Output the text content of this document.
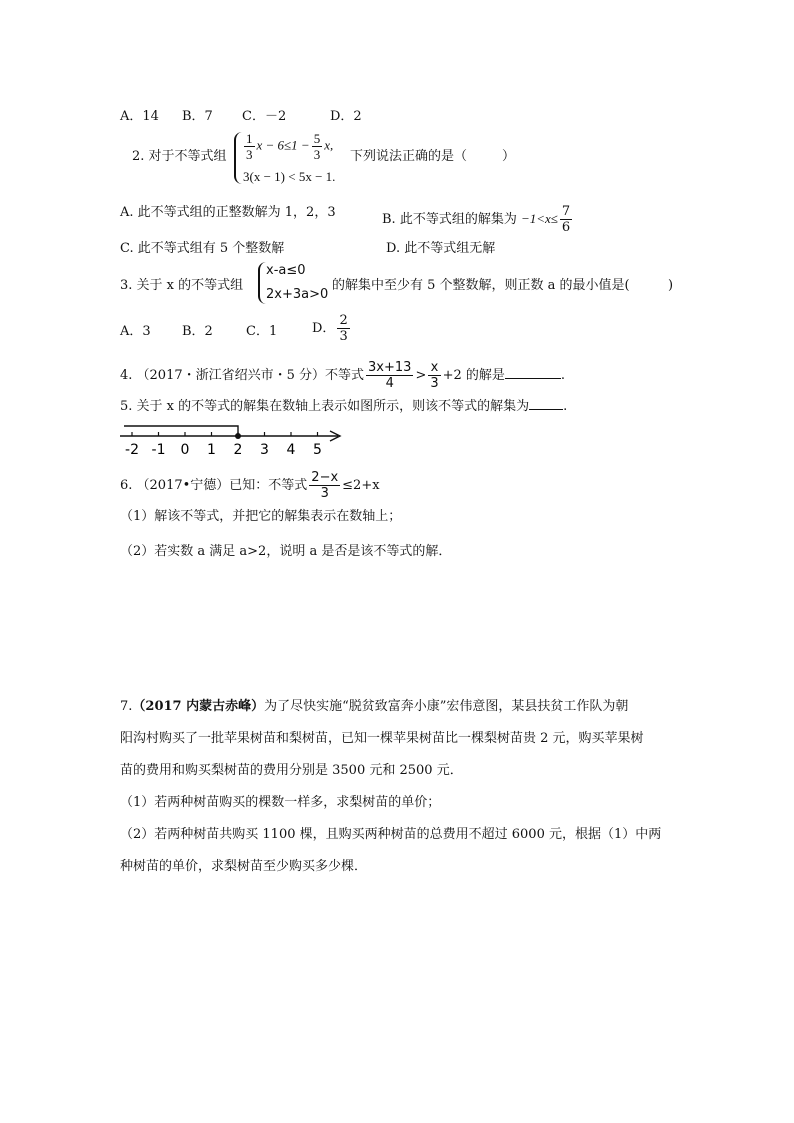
A．14 B．7 C．－2	D．2
2. 对于不等式组 $\frac{1}{3}$ $x - 6\le 1 - \frac{5}{3} x$,
3(x − 1) < 5x − 1.
下列说法正确的是（	）
A. 此不等式组的正整数解为 1，2，3	B. 此不等式组的解集为 $-1<x\le \frac{7}{6}$
C. 此不等式组有 5 个整数解	D. 此不等式组无解
3. 关于 x 的不等式组
x-a≤0
2x+3a>0
的解集中至少有 5 个整数解，则正数 a 的最小值是(	)
A．3 B．2	C．1	D． $\frac{2}{3}$
4. （2017・浙江省绍兴市・5 分）不等式 $\frac{3x+13}{4} > \frac{x}{3} +2$ 的解是	.
5. 关于 x 的不等式的解集在数轴上表示如图所示，则该不等式的解集为	.
-2 -1 0 1 2 3 4 5
6. （2017•宁德）已知：不等式 $\frac{2-x}{3} \le 2+x$
（1）解该不等式，并把它的解集表示在数轴上；
（2）若实数 a 满足 a>2，说明 a 是否是该不等式的解．
7.（2017 内蒙古赤峰）为了尽快实施“脱贫致富奔小康”宏伟意图，某县扶贫工作队为朝
阳沟村购买了一批苹果树苗和梨树苗，已知一棵苹果树苗比一棵梨树苗贵 2 元，购买苹果树
苗的费用和购买梨树苗的费用分别是 3500 元和 2500 元．
（1）若两种树苗购买的棵数一样多，求梨树苗的单价；
（2）若两种树苗共购买 1100 棵，且购买两种树苗的总费用不超过 6000 元，根据（1）中两
种树苗的单价，求梨树苗至少购买多少棵．
